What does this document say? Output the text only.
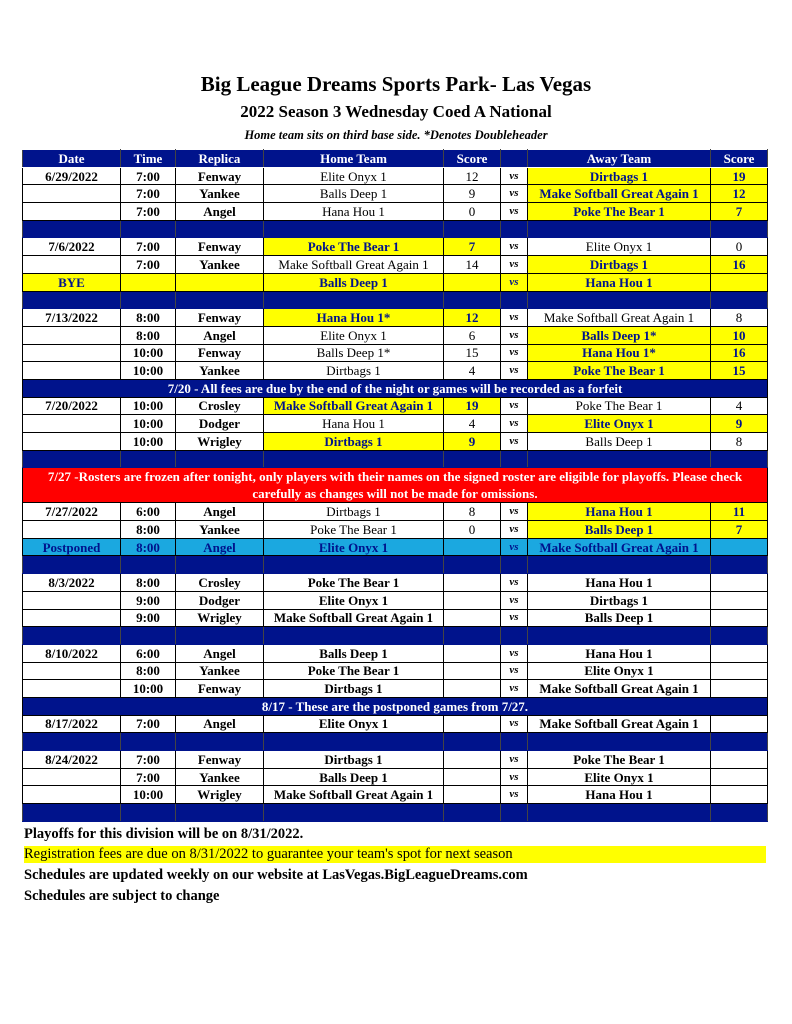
Big League Dreams Sports Park- Las Vegas
2022 Season 3 Wednesday Coed A National
Home team sits on third base side. *Denotes Doubleheader
Date	Time	Replica	Home Team	Score		Away Team	Score
6/29/2022	7:00	Fenway	Elite Onyx 1	12	vs	Dirtbags 1	19
	7:00	Yankee	Balls Deep 1	9	vs	Make Softball Great Again 1	12
	7:00	Angel	Hana Hou 1	0	vs	Poke The Bear 1	7

7/6/2022	7:00	Fenway	Poke The Bear 1	7	vs	Elite Onyx 1	0
	7:00	Yankee	Make Softball Great Again 1	14	vs	Dirtbags 1	16
BYE			Balls Deep 1		vs	Hana Hou 1	

7/13/2022	8:00	Fenway	Hana Hou 1*	12	vs	Make Softball Great Again 1	8
	8:00	Angel	Elite Onyx 1	6	vs	Balls Deep 1*	10
	10:00	Fenway	Balls Deep 1*	15	vs	Hana Hou 1*	16
	10:00	Yankee	Dirtbags 1	4	vs	Poke The Bear 1	15
7/20 - All fees are due by the end of the night or games will be recorded as a forfeit							
7/20/2022	10:00	Crosley	Make Softball Great Again 1	19	vs	Poke The Bear 1	4
	10:00	Dodger	Hana Hou 1	4	vs	Elite Onyx 1	9
	10:00	Wrigley	Dirtbags 1	9	vs	Balls Deep 1	8

7/27 -Rosters are frozen after tonight, only players with their names on the signed roster are eligible for playoffs. Please check carefully as changes will not be made for omissions.							
7/27/2022	6:00	Angel	Dirtbags 1	8	vs	Hana Hou 1	11
	8:00	Yankee	Poke The Bear 1	0	vs	Balls Deep 1	7
Postponed	8:00	Angel	Elite Onyx 1		vs	Make Softball Great Again 1	

8/3/2022	8:00	Crosley	Poke The Bear 1		vs	Hana Hou 1	
	9:00	Dodger	Elite Onyx 1		vs	Dirtbags 1	
	9:00	Wrigley	Make Softball Great Again 1		vs	Balls Deep 1	

8/10/2022	6:00	Angel	Balls Deep 1		vs	Hana Hou 1	
	8:00	Yankee	Poke The Bear 1		vs	Elite Onyx 1	
	10:00	Fenway	Dirtbags 1		vs	Make Softball Great Again 1	
8/17 - These are the postponed games from 7/27.							
8/17/2022	7:00	Angel	Elite Onyx 1		vs	Make Softball Great Again 1	

8/24/2022	7:00	Fenway	Dirtbags 1		vs	Poke The Bear 1	
	7:00	Yankee	Balls Deep 1		vs	Elite Onyx 1	
	10:00	Wrigley	Make Softball Great Again 1		vs	Hana Hou 1	

Playoffs for this division will be on 8/31/2022.
Registration fees are due on 8/31/2022 to guarantee your team's spot for next season
Schedules are updated weekly on our website at LasVegas.BigLeagueDreams.com
Schedules are subject to change
